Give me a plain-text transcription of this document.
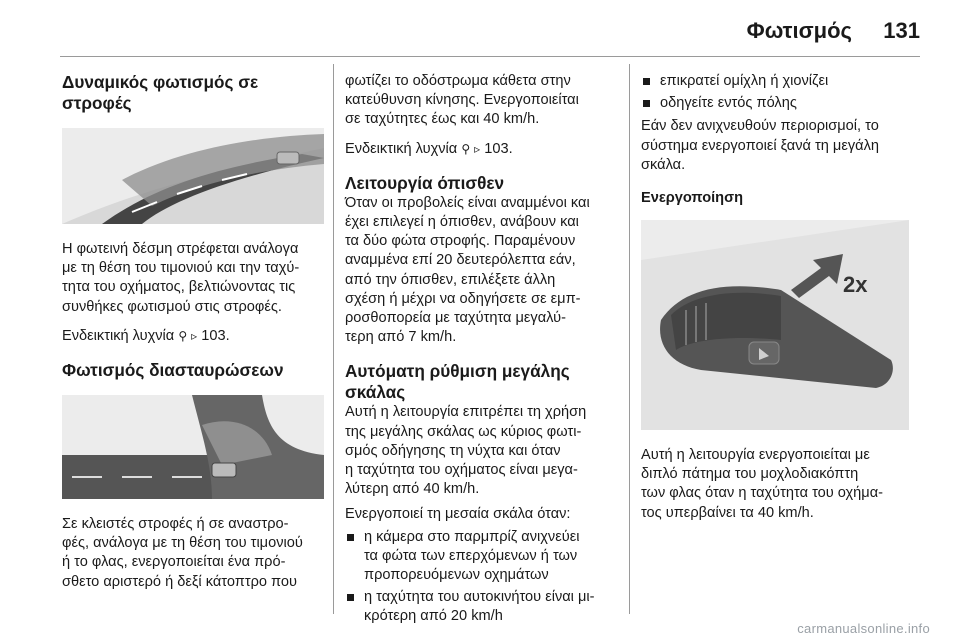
Φωτισμός 131
Δυναμικός φωτισμός σε
στροφές

Η φωτεινή δέσμη στρέφεται ανάλογα
με τη θέση του τιμονιού και την ταχύ-
τητα του οχήματος, βελτιώνοντας τις
συνθήκες φωτισμού στις στροφές.

Ενδεικτική λυχνία ⚲ ▹ 103.

Φωτισμός διασταυρώσεων

Σε κλειστές στροφές ή σε αναστρο-
φές, ανάλογα με τη θέση του τιμονιού
ή το φλας, ενεργοποιείται ένα πρό-
σθετο αριστερό ή δεξί κάτοπτρο που

φωτίζει το οδόστρωμα κάθετα στην
κατεύθυνση κίνησης. Ενεργοποιείται
σε ταχύτητες έως και 40 km/h.

Ενδεικτική λυχνία ⚲ ▹ 103.

Λειτουργία όπισθεν

Όταν οι προβολείς είναι αναμμένοι και
έχει επιλεγεί η όπισθεν, ανάβουν και
τα δύο φώτα στροφής. Παραμένουν
αναμμένα επί 20 δευτερόλεπτα εάν,
από την όπισθεν, επιλέξετε άλλη
σχέση ή μέχρι να οδηγήσετε σε εμπ-
ροσθοπορεία με ταχύτητα μεγαλύ-
τερη από 7 km/h.

Αυτόματη ρύθμιση μεγάλης
σκάλας

Αυτή η λειτουργία επιτρέπει τη χρήση
της μεγάλης σκάλας ως κύριος φωτι-
σμός οδήγησης τη νύχτα και όταν
η ταχύτητα του οχήματος είναι μεγα-
λύτερη από 40 km/h.

Ενεργοποιεί τη μεσαία σκάλα όταν:

η κάμερα στο παρμπρίζ ανιχνεύει
τα φώτα των επερχόμενων ή των
προπορευόμενων οχημάτων
η ταχύτητα του αυτοκινήτου είναι μι-
κρότερη από 20 km/h
επικρατεί ομίχλη ή χιονίζει
οδηγείτε εντός πόλης

Εάν δεν ανιχνευθούν περιορισμοί, το
σύστημα ενεργοποιεί ξανά τη μεγάλη
σκάλα.

Ενεργοποίηση
2x

Αυτή η λειτουργία ενεργοποιείται με
διπλό πάτημα του μοχλοδιακόπτη
των φλας όταν η ταχύτητα του οχήμα-
τος υπερβαίνει τα 40 km/h.

carmanualsonline.info
